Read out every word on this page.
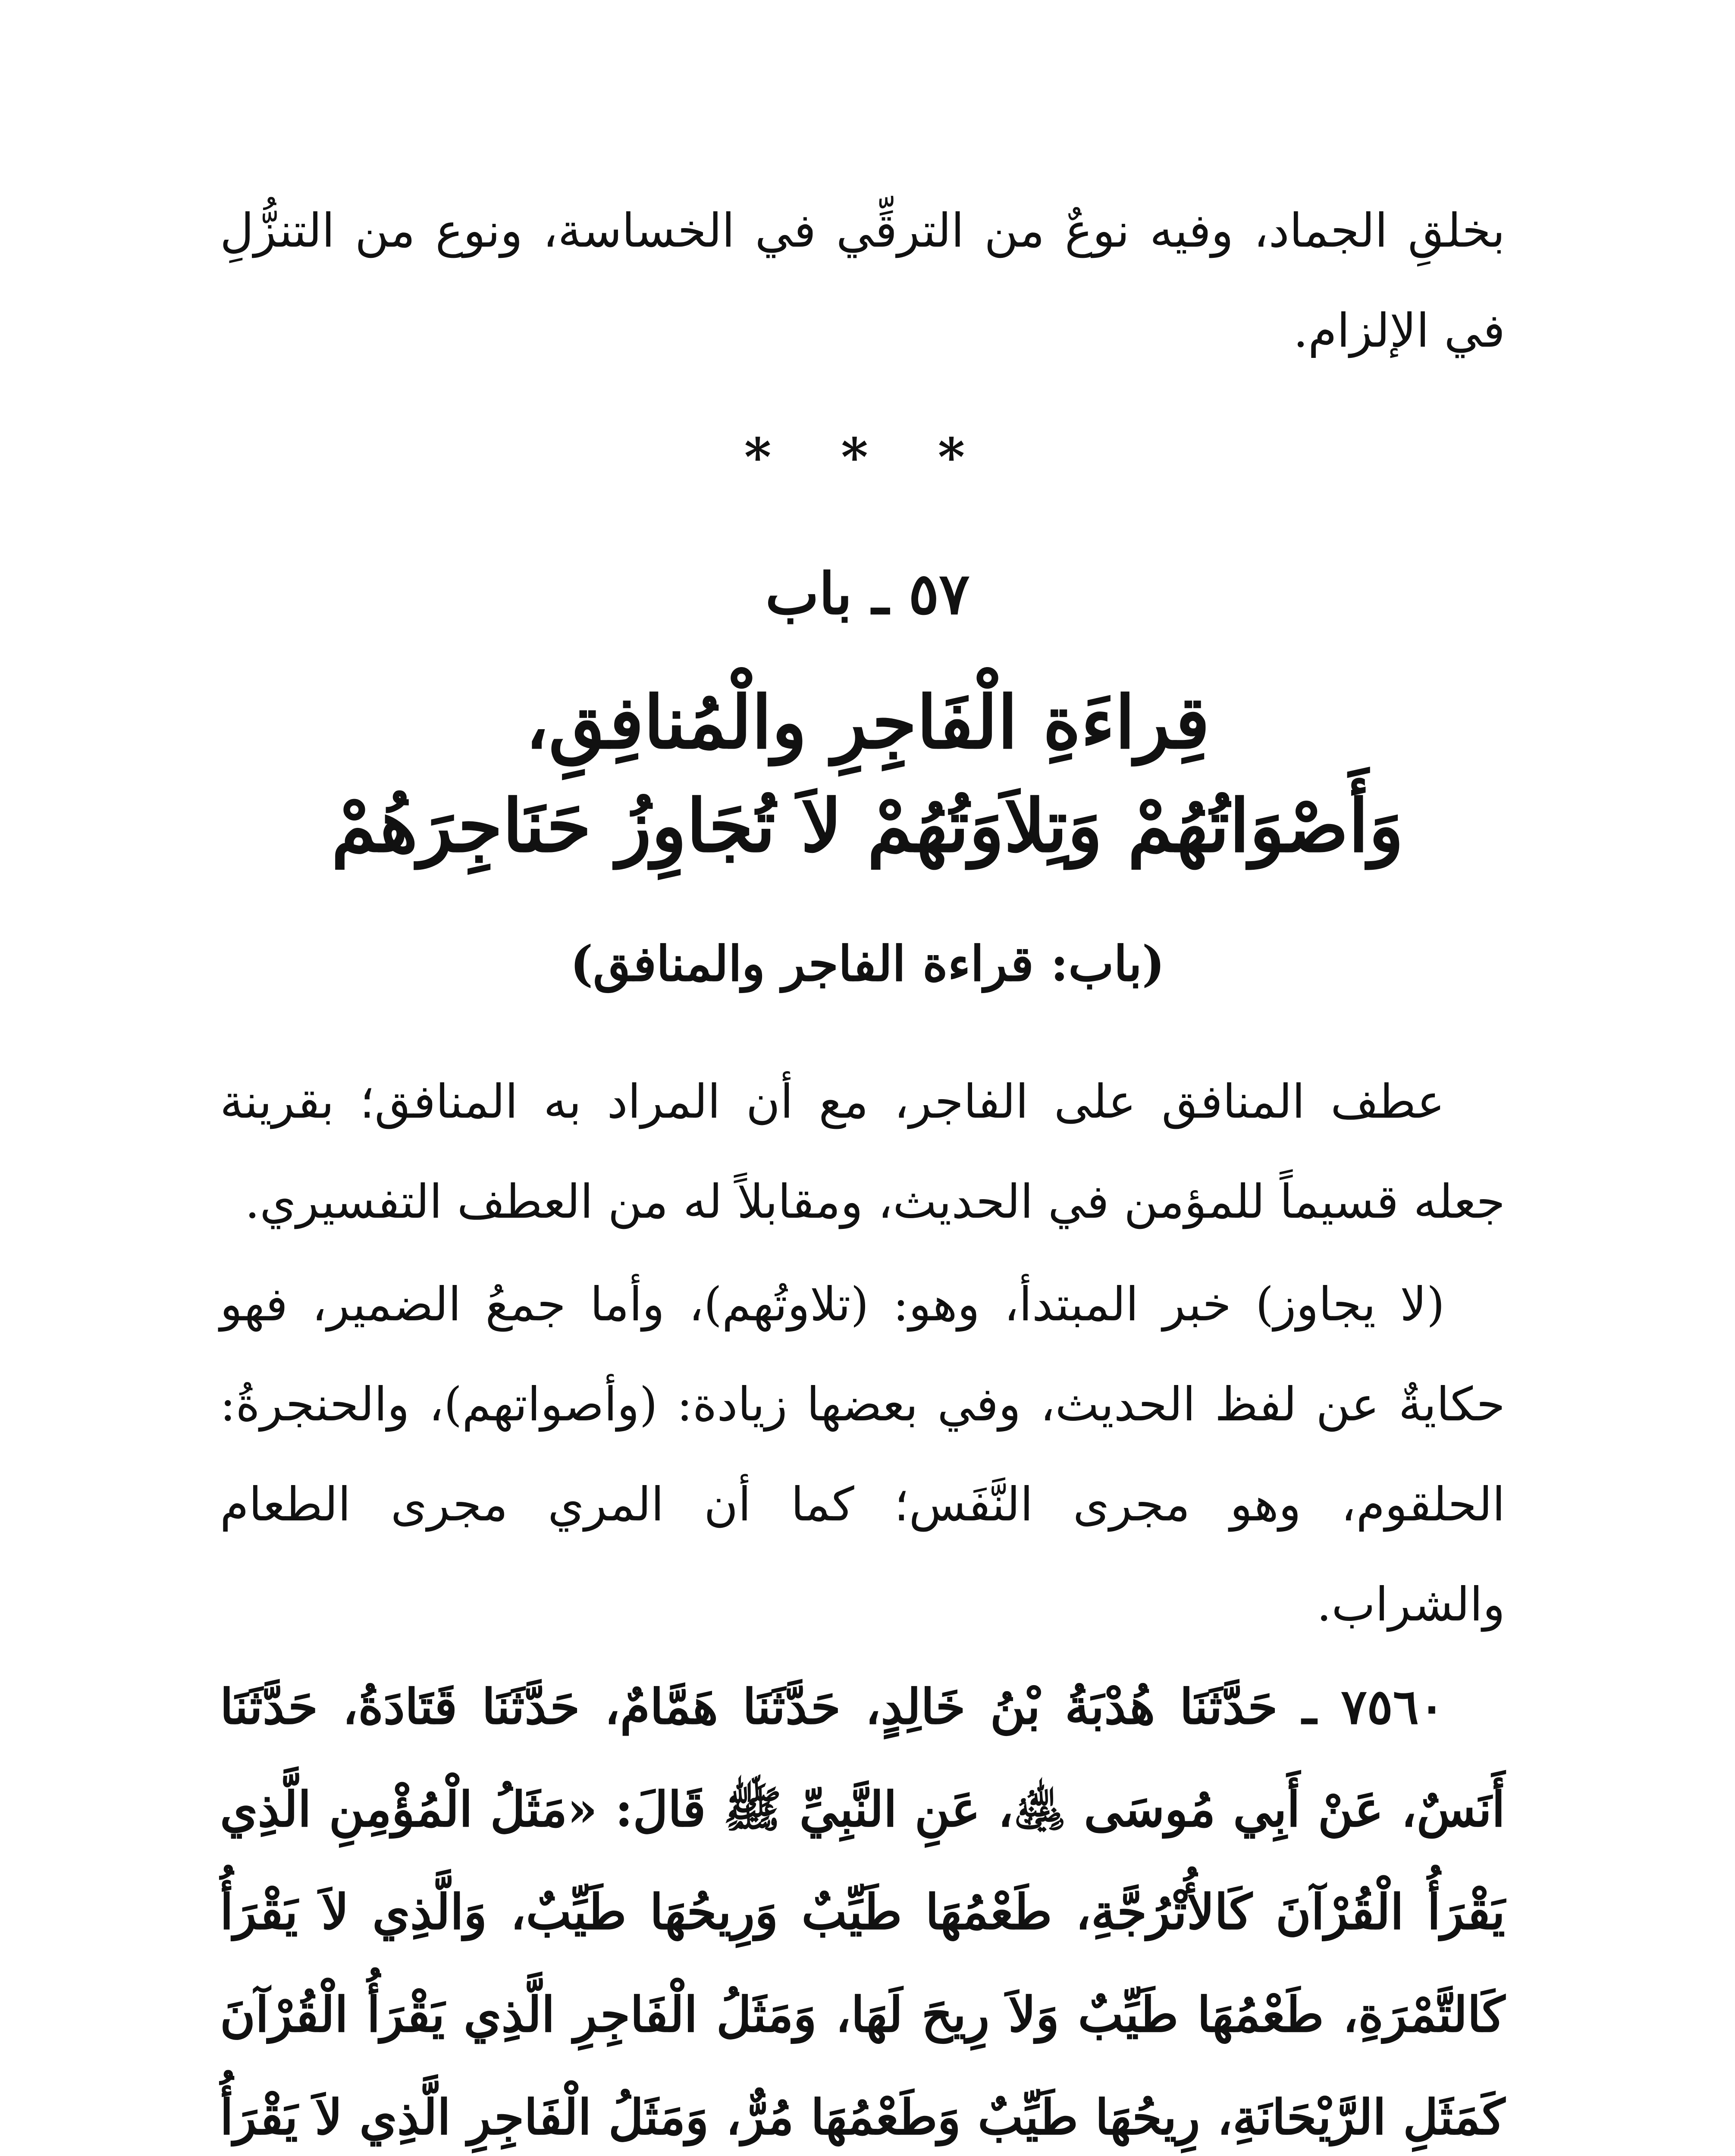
بخلقِ الجماد، وفيه نوعٌ من الترقِّي في الخساسة، ونوع من التنزُّلِ في الإلزام.

* * *
٥٧ ـ باب
قِراءَةِ الْفَاجِرِ والْمُنافِقِ،
وَأَصْوَاتُهُمْ وَتِلاَوَتُهُمْ لاَ تُجَاوِزُ حَنَاجِرَهُمْ
(باب: قراءة الفاجر والمنافق)

عطف المنافق على الفاجر، مع أن المراد به المنافق؛ بقرينة جعله قسيماً للمؤمن في الحديث، ومقابلاً له من العطف التفسيري.

(لا يجاوز) خبر المبتدأ، وهو: (تلاوتُهم)، وأما جمعُ الضمير، فهو حكايةٌ عن لفظ الحديث، وفي بعضها زيادة: (وأصواتهم)، والحنجرةُ: الحلقوم، وهو مجرى النَّفَس؛ كما أن المري مجرى الطعام والشراب.

٧٥٦٠ ـ حَدَّثَنَا هُدْبَةُ بْنُ خَالِدٍ، حَدَّثَنَا هَمَّامٌ، حَدَّثَنَا قَتَادَةُ، حَدَّثَنَا أَنَسٌ، عَنْ أَبِي مُوسَى ﵁، عَنِ النَّبِيِّ ﷺ قَالَ: «مَثَلُ الْمُؤْمِنِ الَّذِي يَقْرَأُ الْقُرْآنَ كَالأُتْرُجَّةِ، طَعْمُهَا طَيِّبٌ وَرِيحُهَا طَيِّبٌ، وَالَّذِي لاَ يَقْرَأُ كَالتَّمْرَةِ، طَعْمُهَا طَيِّبٌ وَلاَ رِيحَ لَهَا، وَمَثَلُ الْفَاجِرِ الَّذِي يَقْرَأُ الْقُرْآنَ كَمَثَلِ الرَّيْحَانَةِ، رِيحُهَا طَيِّبٌ وَطَعْمُهَا مُرٌّ، وَمَثَلُ الْفَاجِرِ الَّذِي لاَ يَقْرَأُ
